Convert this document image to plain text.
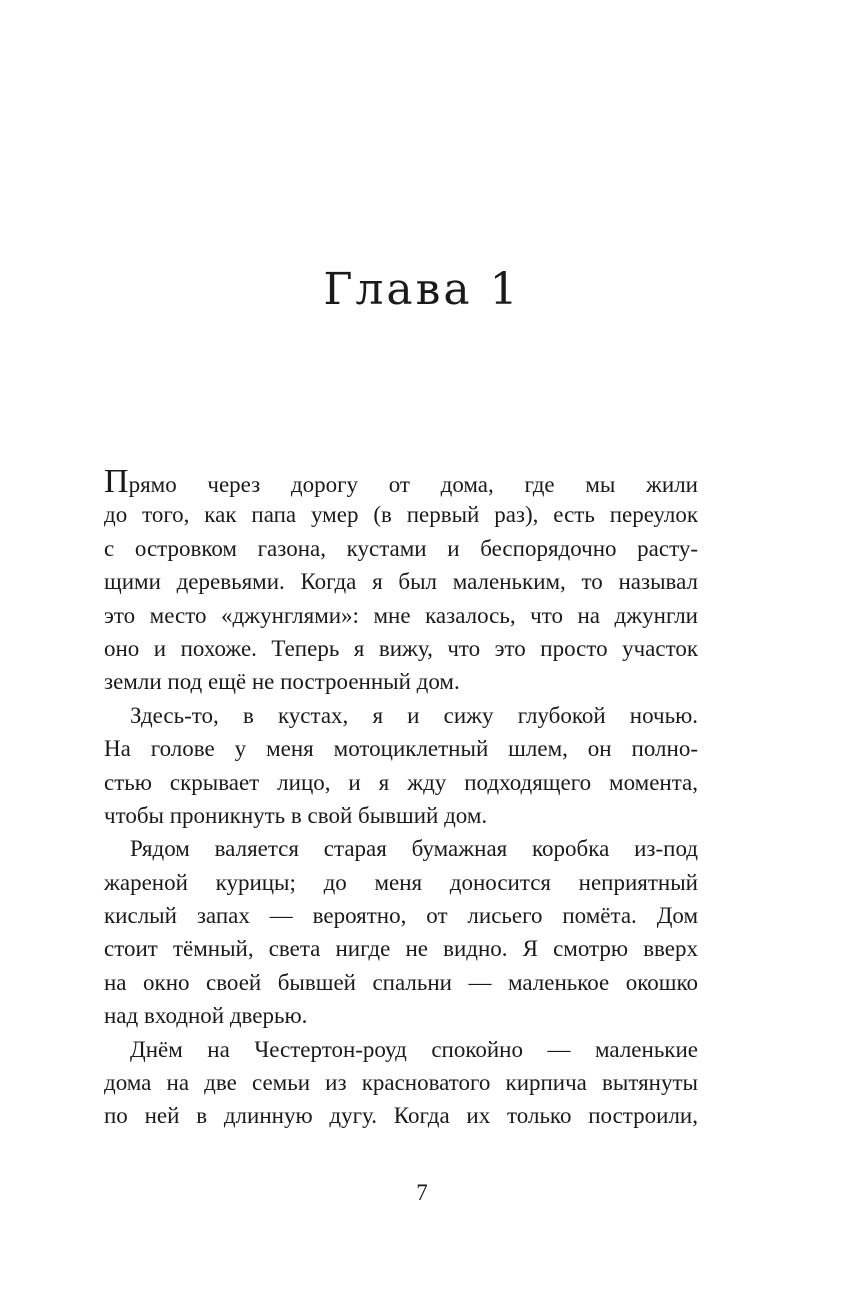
Глава 1
Прямо через дорогу от дома, где мы жили
до того, как папа умер (в первый раз), есть переулок
с островком газона, кустами и беспорядочно расту-
щими деревьями. Когда я был маленьким, то называл
это место «джунглями»: мне казалось, что на джунгли
оно и похоже. Теперь я вижу, что это просто участок
земли под ещё не построенный дом.
Здесь-то, в кустах, я и сижу глубокой ночью.
На голове у меня мотоциклетный шлем, он полно-
стью скрывает лицо, и я жду подходящего момента,
чтобы проникнуть в свой бывший дом.
Рядом валяется старая бумажная коробка из-под
жареной курицы; до меня доносится неприятный
кислый запах — вероятно, от лисьего помёта. Дом
стоит тёмный, света нигде не видно. Я смотрю вверх
на окно своей бывшей спальни — маленькое окошко
над входной дверью.
Днём на Честертон-роуд спокойно — маленькие
дома на две семьи из красноватого кирпича вытянуты
по ней в длинную дугу. Когда их только построили,

7
